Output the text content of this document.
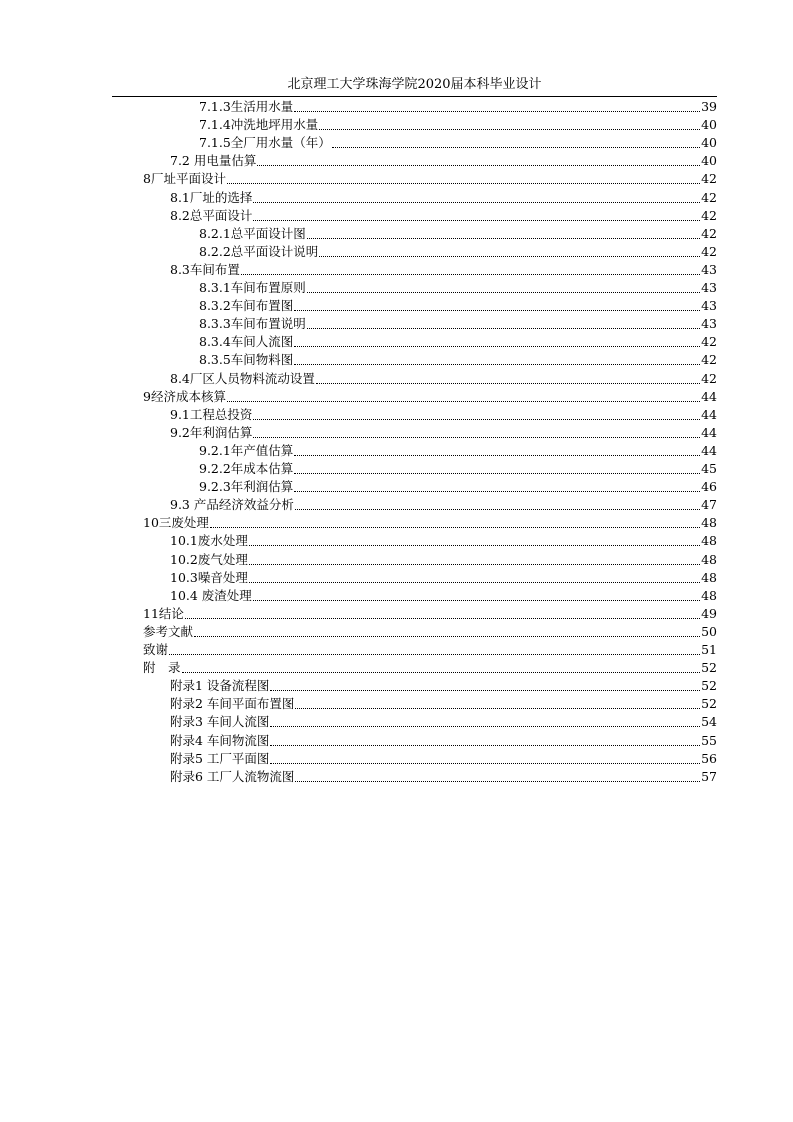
北京理工大学珠海学院2020届本科毕业设计
7.1.3生活用水量	39
7.1.4冲洗地坪用水量	40
7.1.5全厂用水量（年）	40
7.2 用电量估算	40
8厂址平面设计	42
8.1厂址的选择	42
8.2总平面设计	42
8.2.1总平面设计图	42
8.2.2总平面设计说明	42
8.3车间布置	43
8.3.1车间布置原则	43
8.3.2车间布置图	43
8.3.3车间布置说明	43
8.3.4车间人流图	42
8.3.5车间物料图	42
8.4厂区人员物料流动设置	42
9经济成本核算	44
9.1工程总投资	44
9.2年利润估算	44
9.2.1年产值估算	44
9.2.2年成本估算	45
9.2.3年利润估算	46
9.3 产品经济效益分析	47
10三废处理	48
10.1废水处理	48
10.2废气处理	48
10.3噪音处理	48
10.4 废渣处理	48
11结论	49
参考文献	50
致谢	51
附　录	52
附录1 设备流程图	52
附录2 车间平面布置图	52
附录3 车间人流图	54
附录4 车间物流图	55
附录5 工厂平面图	56
附录6 工厂人流物流图	57
